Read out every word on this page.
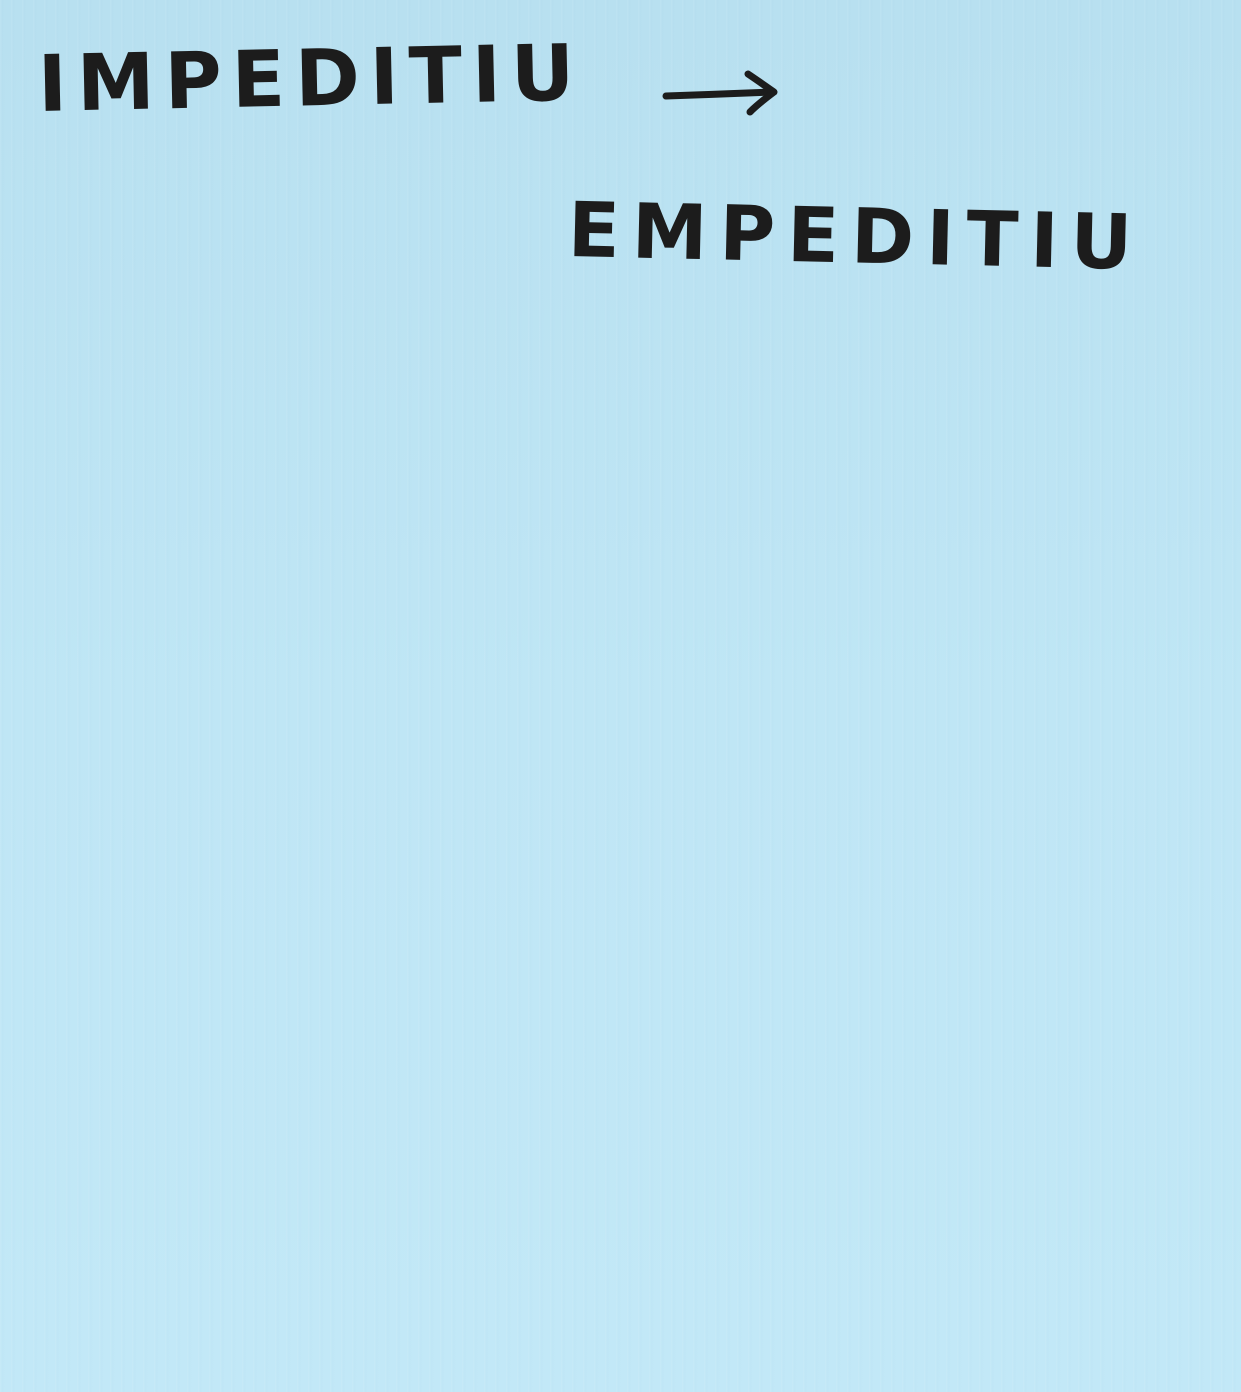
IMPEDITIU
EMPEDITIU
